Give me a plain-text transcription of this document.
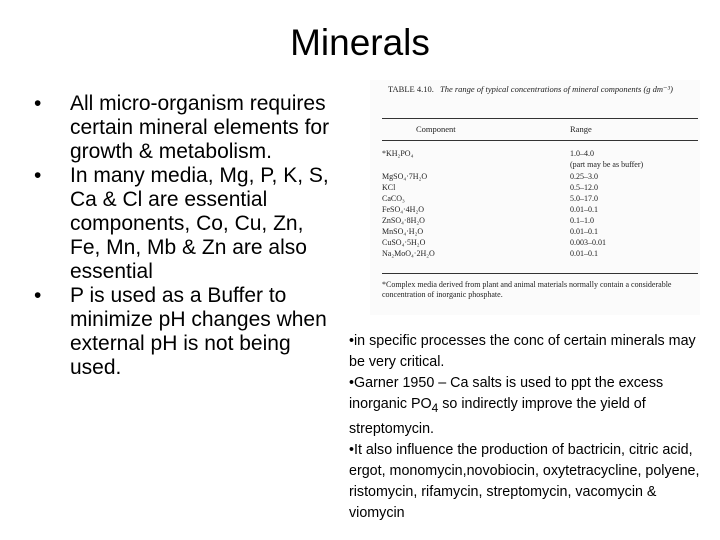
Minerals
• All micro-organism requires certain mineral elements for growth & metabolism.
• In many media, Mg, P, K, S, Ca & Cl are essential components, Co, Cu, Zn, Fe, Mn, Mb & Zn are also essential
• P is used as a Buffer to minimize pH changes when external pH is not being used.
TABLE 4.10. The range of typical concentrations of mineral components (g dm⁻³)
Component	Range
*KH₂PO₄	1.0–4.0
(part may be as buffer)
MgSO₄·7H₂O	0.25–3.0
KCl	0.5–12.0
CaCO₃	5.0–17.0
FeSO₄·4H₂O	0.01–0.1
ZnSO₄·8H₂O	0.1–1.0
MnSO₄·H₂O	0.01–0.1
CuSO₄·5H₂O	0.003–0.01
Na₂MoO₄·2H₂O	0.01–0.1
*Complex media derived from plant and animal materials normally contain a considerable concentration of inorganic phosphate.

•in specific processes the conc of certain minerals may be very critical.

•Garner 1950 – Ca salts is used to ppt the excess inorganic $PO_4$ so indirectly improve the yield of streptomycin.

•It also influence the production of bactricin, citric acid, ergot, monomycin,novobiocin, oxytetracycline, polyene, ristomycin, rifamycin, streptomycin, vacomycin & viomycin
